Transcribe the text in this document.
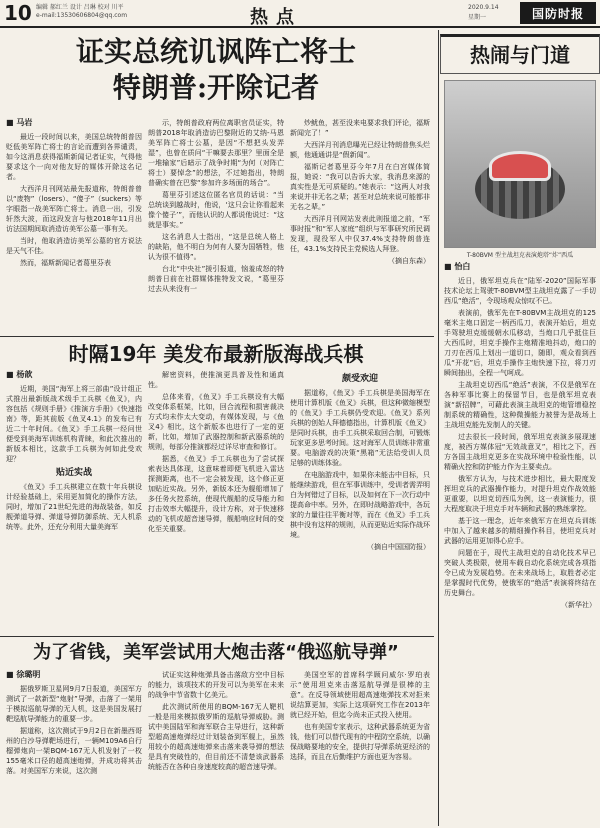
10 编辑 郝红兰 设计 吕琳 校对 川平
e-mail:13530606804@qq.com	热点	2020.9.14
星期一	国防时报
证实总统讥讽阵亡将士
特朗普:开除记者
■ 马岩

最近一段时间以来，美国总统特朗普因贬低美军阵亡将士的言论而遭到各界谴责，如今这消息获得福斯新闻记者证实，气得他要求这个一向对他友好的媒体开除这名记者。

大西洋月刊网站最先报道称，特朗普曾以“废物”（losers）、“傻子”（suckers）等字眼指一战美军阵亡将士。消息一出，引发轩然大波，而这段发言与他2018年11月出访法国期间取消造访美军公墓一事有关。

当时，他取消造访美军公墓的官方说法是天气不佳。

然而，福斯新闻记者葛里芬表

示，特朗普政府两位离职官员证实，特朗普2018年取消造访巴黎附近的艾纳-马恩美军阵亡将士公墓，是因“不想把头发弄湿”，也曾在质问“干嘛要去那里？里面全是一堆输家”后暗示了战争时期“为何（对阵亡将士）要悼念”的想法，不过她指出，特朗普确实曾在巴黎“参加许多场面的场合”。

葛里芬引述这位匿名官员的话说：“当总统谈到越战时，他说，‘这只会让你看起来像个傻子’”，而他认识的人都说他说过：“这就是事实。”

这名消息人士指出，“这是总统人格上的缺陷，他不明白为何有人要为国牺牲，他认为很不值得”。

台北“中央社”援引报道，恼羞成怒的特朗普日前在社群媒体推特发文说，“葛里芬过去从来没有一

炒鱿鱼，甚至没来电要求我们评论，福斯新闻完了！”

大西洋月刊消息曝光已经让特朗普焦头烂额，他通通讲是“假新闻”。

福斯记者葛里芬今年7月在白宫媒体简报，她说：“我可以告诉大家，我消息来源的真实性是无可质疑的。”她表示：“这两人对我来说并非无名之辈；甚至对总统来说可能都非无名之辈。”

大西洋月刊网站发表此则报道之前，“军事时报”和“军人家庭”组织与军事研究所民调发现，现役军人中仅37.4%支持特朗普连任，43.1%支持民主党候选人拜登。

（摘自东森）

热闹与门道
T-80BVM 型主战坦克表演炮塔“炸”西瓜
■ 怡白

近日，俄军坦克兵在“陆军-2020”国际军事技术论坛上驾驶T-80BVM型主战坦克露了一手切西瓜“绝活”，令现场观众惊叹不已。

表演前，俄军先在T-80BVM主战坦克的125毫米主炮口固定一柄西瓜刀，表演开始后，坦克手驾驶坦克缓缓朝水瓜移动，当炮口几乎抵住巨大西瓜时，坦克手操作主炮精准地抖动，炮口的刀刃在西瓜上划出一道切口，随即，观众看到西瓜“开花”后，坦克手操作主炮快速下拉，将刀刃瞬间抽出，全程一气呵成。

主战坦克切西瓜“绝活”表演，不仅是俄军在各种军事比赛上的保留节目，也是俄军坦克表演“新招牌”，可藉此表演主战坦克的炮管增稳控制系统的精确性，这种微操能力被誉为是战场上主战坦克能先发制人的关键。

过去很长一段时间，俄军坦克表演多展现速度，被西方媒体冠“无效战意叉”，相比之下，西方各国主战坦克更多在实战环境中检验性能，以精确火控和防护能力作为主要卖点。

俄军方认为，与技术进步相比，最大限度发挥坦克兵的武器操作能力，对提升坦克作战效能更重要，以坦克切西瓜为例，这一表演能力，很大程度取决于坦克手对车辆和武器的熟练掌控。

基于这一理念，近年来俄军方在坦克兵训练中加入了越来越多的精细操作科目，使坦克兵对武器的运用更加得心应手。

问题在于，现代主战坦克的自动化技术早已突破人类极限，使用车载自动化系统完成各项指令已成为发展趋势。在未来战场上，取胜者必定是掌握时代优势，使俄军的“绝活”表演将终结在历史舞台。

（新华社）

时隔19年 美发布最新版海战兵棋
■ 杨歆

近期，美国“海军上将三部曲”设计组正式推出最新版战术级手工兵棋《鱼叉》，内容包括《规则手册》《推演方手册》《快速指南》等，距其前版《鱼叉4.1》的发布已有近二十年时间。《鱼叉》手工兵棋一经问世便受到美海军训练机构青睐，和此次推出的新版本相比，这款手工兵棋为何如此受欢迎？

贴近实战

《鱼叉》手工兵棋建立在数十年兵棋设计经验基础上，采用更加简化的操作方法，同时，增加了21世纪先进的海战装备，如反舰弹道导弹、弹道导弹防御系统、无人机系统等。此外，还充分利用大量美海军

解密资料，使推演更具普及性和通真性。

总体来看，《鱼叉》手工兵棋设有大幅改变体系框架，比如，回合流程和损害裁决方式均未作太大变动，有媒体发现，与《鱼叉4》相比，这个新版本也进行了一定的更新，比如，增加了武器控制和新武器系统的规则，每部分推演都经过详尽审查和修订。

据悉，《鱼叉》手工兵棋也为了尝试探索表达具体现，这意味着即便飞机进入雷达探测距离，也不一定会被发现，这个修正更加贴近实战。另外，新版本还为舰船增加了多任务火控系统，使现代舰船的反导能力和打击效率大幅提升，设计方称，对于快速移动的飞机或超音速导弹，舰船响应时间的变化至关重要。

颇受欢迎

据道称，《鱼叉》手工兵棋是美国海军在使用计算机版《鱼叉》兵棋，但这种微缩模型的《鱼叉》手工兵棋仍受欢迎。《鱼叉》系列兵棋的创始人拜德德指出，计算机版《鱼叉》是同时兵棋，由手工兵棋采取回合制，可锻炼玩家更多思考时间。这对海军人员训练非常重要。电脑游戏的决策“黑箱”无法给受训人员足够的训练体验。

在电脑游戏中，如果你未能击中目标，只能继续游戏，但在军事训练中，受训者需弄明白为何错过了目标，以及如何在下一次行动中提高命中率。另外，在即时战略游戏中，各玩家的力量往往平衡对等，而在《鱼叉》手工兵棋中没有这样的规则，从而更贴近实际作战环境。

（摘自中国国防报）

为了省钱，美军尝试用大炮击落“俄巡航导弹”
■ 徐璐明

据俄罗斯卫星网9月7日报道，美国军方测试了一款新型“炮射”导弹，击落了一架用于模拟巡航导弹的无人机，这是美国发展打靶巡航导弹能力的重要一步。

据道称，这次测试于9月2日在新墨西哥州的白沙导弹靶场进行，一辆M109A6自行榴弹炮向一架BQM-167无人机发射了一枚155毫米口径的超高速炮弹，并成功将其击落。对美国军方来说，这次测

试证实这种炮弹具备击落敌方空中目标的能力，该项技术的开发可以为美军在未来的战争中节省数十亿美元。

此次测试所使用的BQM-167无人靶机一般是用来模拟俄罗斯的巡航导弹威胁。测试中美国陆军和海军联合主导进行，这种新型超高速炮弹经过计划装备到军舰上，虽然用较小的超高速炮弹来击落来袭导弹的想法是具有突破性的，但目前还不清楚该武器系统能否在各种自身速度较高的超音速导弹。

美国空军的首席科学顾问威尔·罗珀表示“使用坦克来击落巡航导弹是很棒的主意”。在反导领域使用超高速炮弹技术对拒来说结算更加，实际上这项研究工作在2013年就已经开始，但迄今尚未正式投入使用。

也有美国专家表示，这种武器系统更为省钱，他们可以替代现有的中程防空系统，以确保战略要地的安全，提供打导弹系统更经济的选择，而且在后勤维护方面也更为容易。
